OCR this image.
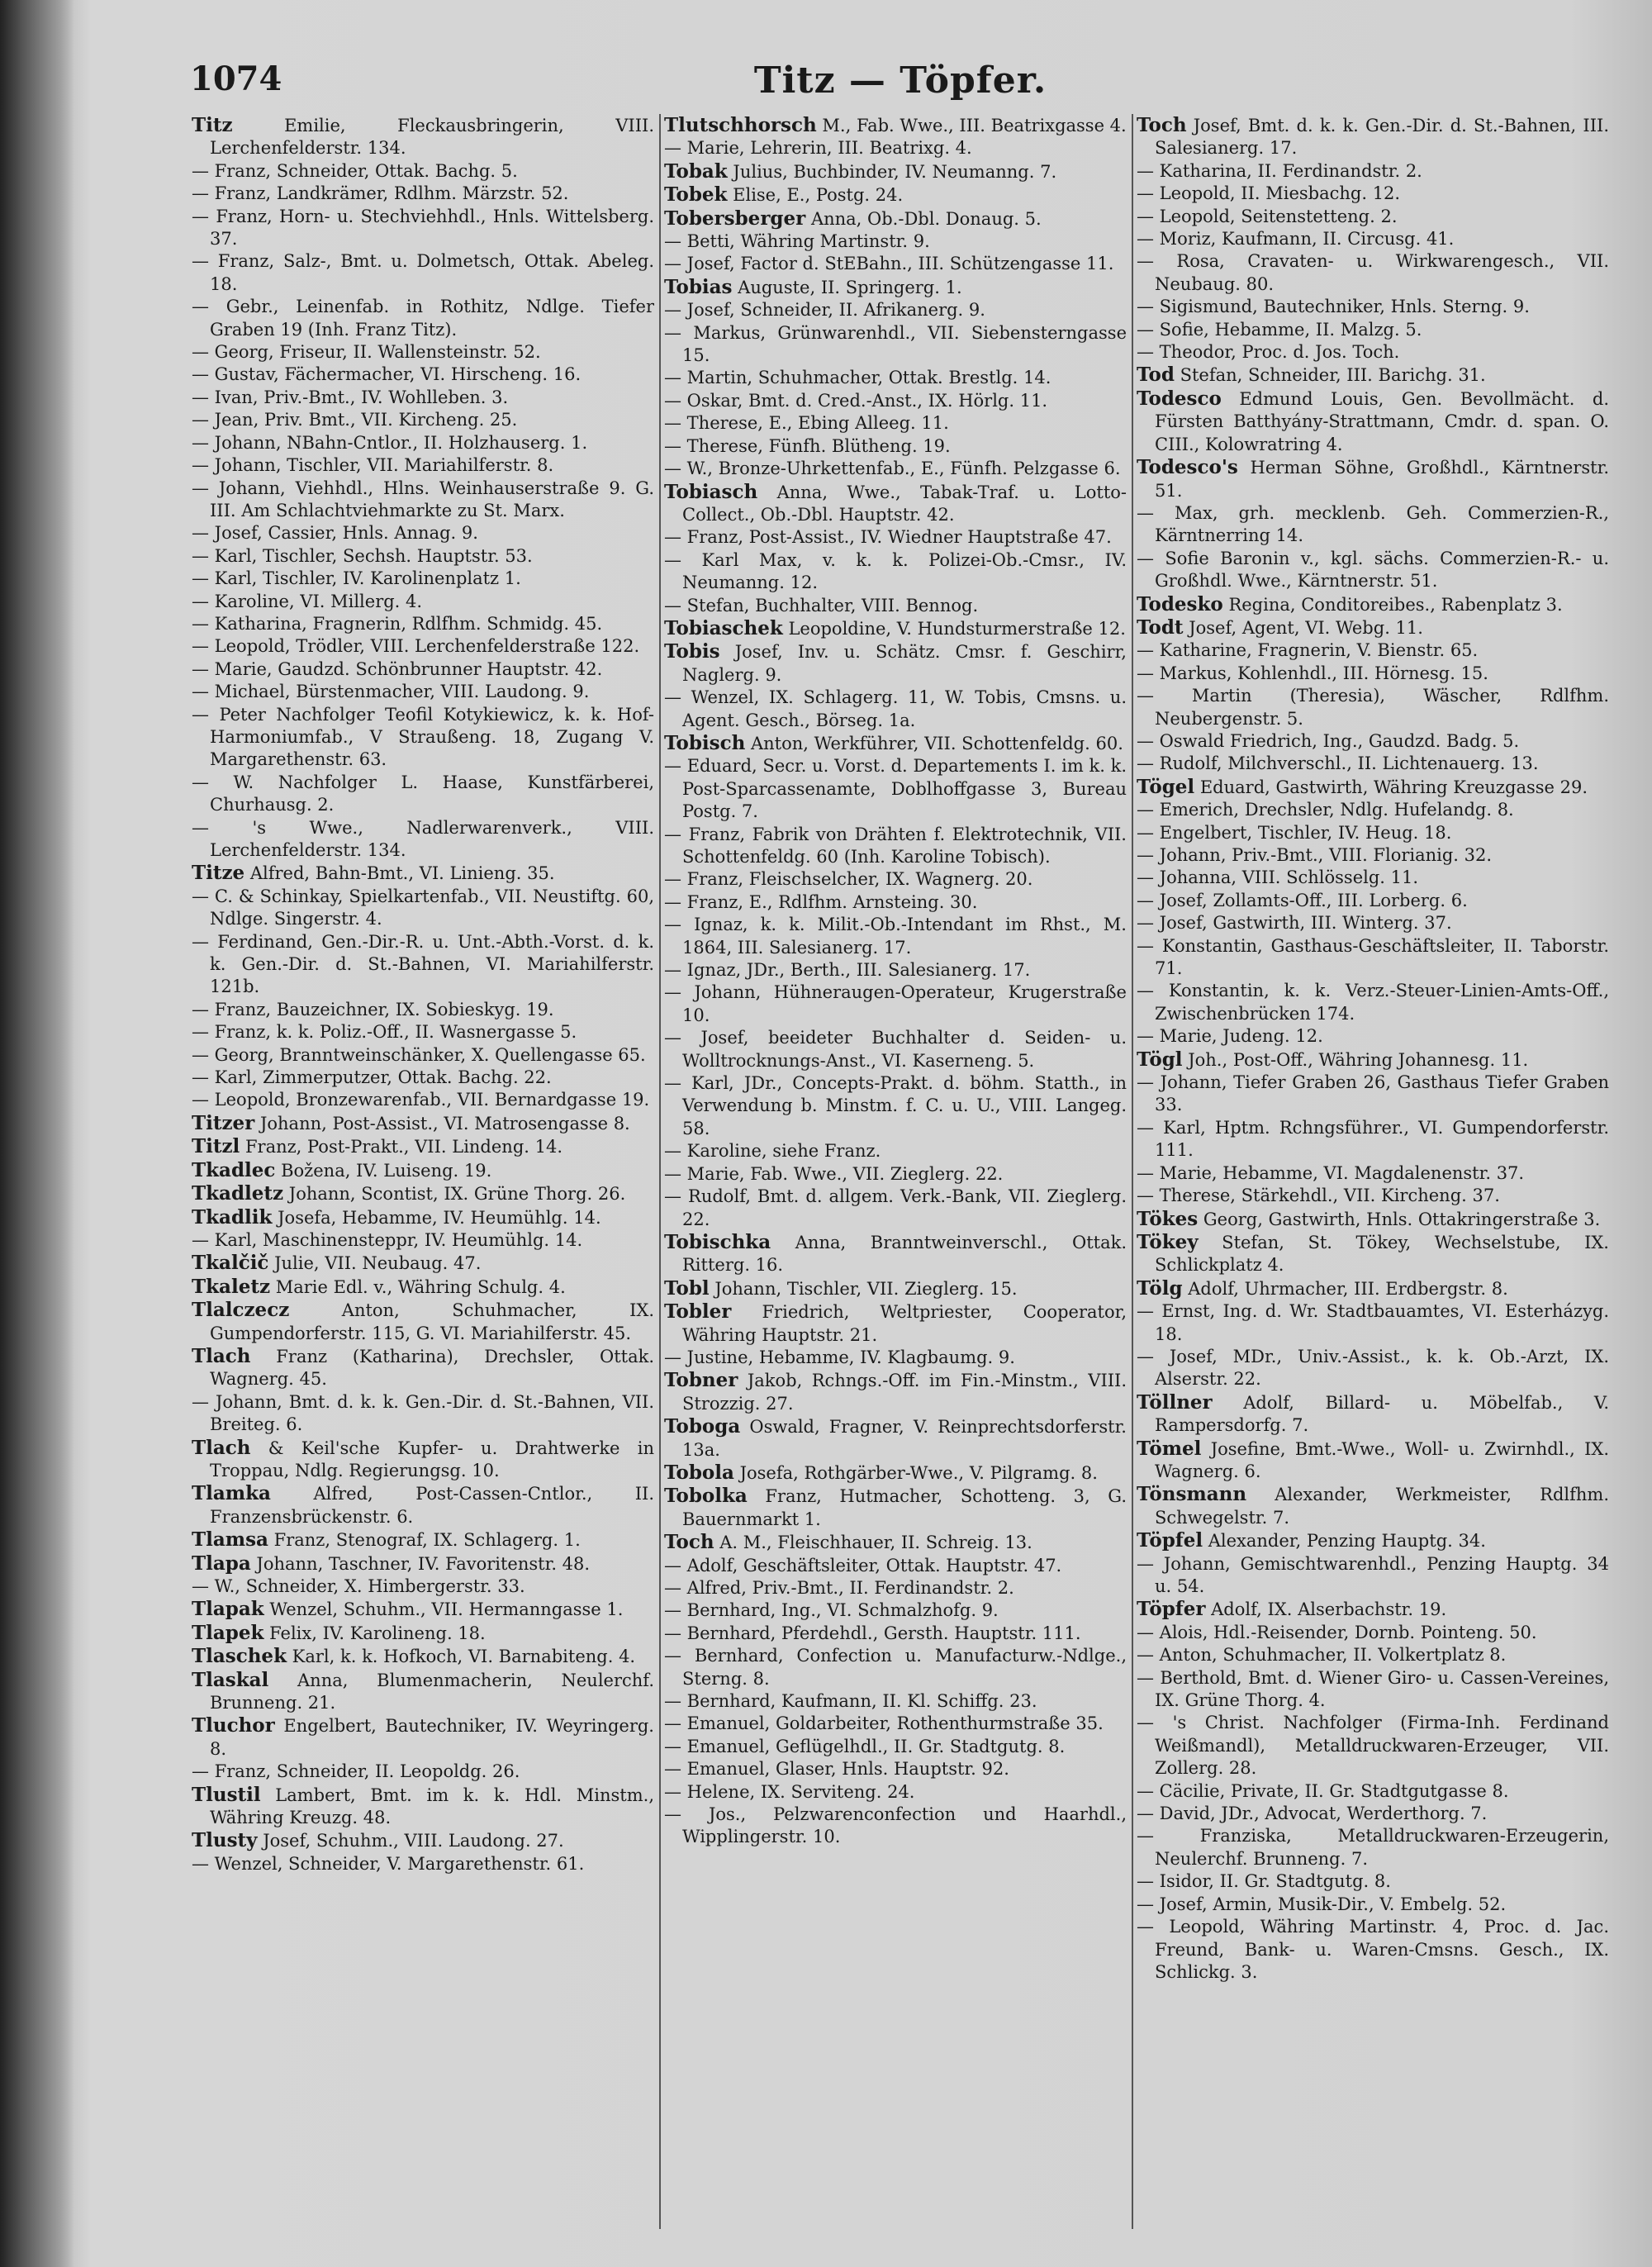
1074	Titz — Töpfer.

Titz Emilie, Fleckausbringerin, VIII. Lerchenfelderstr. 134.

— Franz, Schneider, Ottak. Bachg. 5.

— Franz, Landkrämer, Rdlhm. Märzstr. 52.

— Franz, Horn- u. Stechviehhdl., Hnls. Wittelsberg. 37.

— Franz, Salz-, Bmt. u. Dolmetsch, Ottak. Abeleg. 18.

— Gebr., Leinenfab. in Rothitz, Ndlge. Tiefer Graben 19 (Inh. Franz Titz).

— Georg, Friseur, II. Wallensteinstr. 52.

— Gustav, Fächermacher, VI. Hirscheng. 16.

— Ivan, Priv.-Bmt., IV. Wohlleben. 3.

— Jean, Priv. Bmt., VII. Kircheng. 25.

— Johann, NBahn-Cntlor., II. Holzhauserg. 1.

— Johann, Tischler, VII. Mariahilferstr. 8.

— Johann, Viehhdl., Hlns. Weinhauserstraße 9. G. III. Am Schlachtviehmarkte zu St. Marx.

— Josef, Cassier, Hnls. Annag. 9.

— Karl, Tischler, Sechsh. Hauptstr. 53.

— Karl, Tischler, IV. Karolinenplatz 1.

— Karoline, VI. Millerg. 4.

— Katharina, Fragnerin, Rdlfhm. Schmidg. 45.

— Leopold, Trödler, VIII. Lerchenfelderstraße 122.

— Marie, Gaudzd. Schönbrunner Hauptstr. 42.

— Michael, Bürstenmacher, VIII. Laudong. 9.

— Peter Nachfolger Teofil Kotykiewicz, k. k. Hof-Harmoniumfab., V Straußeng. 18, Zugang V. Margarethenstr. 63.

— W. Nachfolger L. Haase, Kunstfärberei, Churhausg. 2.

— 's Wwe., Nadlerwarenverk., VIII. Lerchenfelderstr. 134.

Titze Alfred, Bahn-Bmt., VI. Linieng. 35.

— C. & Schinkay, Spielkartenfab., VII. Neustiftg. 60, Ndlge. Singerstr. 4.

— Ferdinand, Gen.-Dir.-R. u. Unt.-Abth.-Vorst. d. k. k. Gen.-Dir. d. St.-Bahnen, VI. Mariahilferstr. 121b.

— Franz, Bauzeichner, IX. Sobieskyg. 19.

— Franz, k. k. Poliz.-Off., II. Wasnergasse 5.

— Georg, Branntweinschänker, X. Quellengasse 65.

— Karl, Zimmerputzer, Ottak. Bachg. 22.

— Leopold, Bronzewarenfab., VII. Bernardgasse 19.

Titzer Johann, Post-Assist., VI. Matrosengasse 8.

Titzl Franz, Post-Prakt., VII. Lindeng. 14.

Tkadlec Božena, IV. Luiseng. 19.

Tkadletz Johann, Scontist, IX. Grüne Thorg. 26.

Tkadlik Josefa, Hebamme, IV. Heumühlg. 14.

— Karl, Maschinensteppr, IV. Heumühlg. 14.

Tkalčič Julie, VII. Neubaug. 47.

Tkaletz Marie Edl. v., Währing Schulg. 4.

Tlalczecz Anton, Schuhmacher, IX. Gumpendorferstr. 115, G. VI. Mariahilferstr. 45.

Tlach Franz (Katharina), Drechsler, Ottak. Wagnerg. 45.

— Johann, Bmt. d. k. k. Gen.-Dir. d. St.-Bahnen, VII. Breiteg. 6.

Tlach & Keil'sche Kupfer- u. Drahtwerke in Troppau, Ndlg. Regierungsg. 10.

Tlamka Alfred, Post-Cassen-Cntlor., II. Franzensbrückenstr. 6.

Tlamsa Franz, Stenograf, IX. Schlagerg. 1.

Tlapa Johann, Taschner, IV. Favoritenstr. 48.

— W., Schneider, X. Himbergerstr. 33.

Tlapak Wenzel, Schuhm., VII. Hermanngasse 1.

Tlapek Felix, IV. Karolineng. 18.

Tlaschek Karl, k. k. Hofkoch, VI. Barnabiteng. 4.

Tlaskal Anna, Blumenmacherin, Neulerchf. Brunneng. 21.

Tluchor Engelbert, Bautechniker, IV. Weyringerg. 8.

— Franz, Schneider, II. Leopoldg. 26.

Tlustil Lambert, Bmt. im k. k. Hdl. Minstm., Währing Kreuzg. 48.

Tlusty Josef, Schuhm., VIII. Laudong. 27.

— Wenzel, Schneider, V. Margarethenstr. 61.

Tlutschhorsch M., Fab. Wwe., III. Beatrixgasse 4.

— Marie, Lehrerin, III. Beatrixg. 4.

Tobak Julius, Buchbinder, IV. Neumanng. 7.

Tobek Elise, E., Postg. 24.

Tobersberger Anna, Ob.-Dbl. Donaug. 5.

— Betti, Währing Martinstr. 9.

— Josef, Factor d. StEBahn., III. Schützengasse 11.

Tobias Auguste, II. Springerg. 1.

— Josef, Schneider, II. Afrikanerg. 9.

— Markus, Grünwarenhdl., VII. Siebensterngasse 15.

— Martin, Schuhmacher, Ottak. Brestlg. 14.

— Oskar, Bmt. d. Cred.-Anst., IX. Hörlg. 11.

— Therese, E., Ebing Alleeg. 11.

— Therese, Fünfh. Blütheng. 19.

— W., Bronze-Uhrkettenfab., E., Fünfh. Pelzgasse 6.

Tobiasch Anna, Wwe., Tabak-Traf. u. Lotto-Collect., Ob.-Dbl. Hauptstr. 42.

— Franz, Post-Assist., IV. Wiedner Hauptstraße 47.

— Karl Max, v. k. k. Polizei-Ob.-Cmsr., IV. Neumanng. 12.

— Stefan, Buchhalter, VIII. Bennog.

Tobiaschek Leopoldine, V. Hundsturmerstraße 12.

Tobis Josef, Inv. u. Schätz. Cmsr. f. Geschirr, Naglerg. 9.

— Wenzel, IX. Schlagerg. 11, W. Tobis, Cmsns. u. Agent. Gesch., Börseg. 1a.

Tobisch Anton, Werkführer, VII. Schottenfeldg. 60.

— Eduard, Secr. u. Vorst. d. Departements I. im k. k. Post-Sparcassenamte, Doblhoffgasse 3, Bureau Postg. 7.

— Franz, Fabrik von Drähten f. Elektrotechnik, VII. Schottenfeldg. 60 (Inh. Karoline Tobisch).

— Franz, Fleischselcher, IX. Wagnerg. 20.

— Franz, E., Rdlfhm. Arnsteing. 30.

— Ignaz, k. k. Milit.-Ob.-Intendant im Rhst., M. 1864, III. Salesianerg. 17.

— Ignaz, JDr., Berth., III. Salesianerg. 17.

— Johann, Hühneraugen-Operateur, Krugerstraße 10.

— Josef, beeideter Buchhalter d. Seiden- u. Wolltrocknungs-Anst., VI. Kaserneng. 5.

— Karl, JDr., Concepts-Prakt. d. böhm. Statth., in Verwendung b. Minstm. f. C. u. U., VIII. Langeg. 58.

— Karoline, siehe Franz.

— Marie, Fab. Wwe., VII. Zieglerg. 22.

— Rudolf, Bmt. d. allgem. Verk.-Bank, VII. Zieglerg. 22.

Tobischka Anna, Branntweinverschl., Ottak. Ritterg. 16.

Tobl Johann, Tischler, VII. Zieglerg. 15.

Tobler Friedrich, Weltpriester, Cooperator, Währing Hauptstr. 21.

— Justine, Hebamme, IV. Klagbaumg. 9.

Tobner Jakob, Rchngs.-Off. im Fin.-Minstm., VIII. Strozzig. 27.

Toboga Oswald, Fragner, V. Reinprechtsdorferstr. 13a.

Tobola Josefa, Rothgärber-Wwe., V. Pilgramg. 8.

Tobolka Franz, Hutmacher, Schotteng. 3, G. Bauernmarkt 1.

Toch A. M., Fleischhauer, II. Schreig. 13.

— Adolf, Geschäftsleiter, Ottak. Hauptstr. 47.

— Alfred, Priv.-Bmt., II. Ferdinandstr. 2.

— Bernhard, Ing., VI. Schmalzhofg. 9.

— Bernhard, Pferdehdl., Gersth. Hauptstr. 111.

— Bernhard, Confection u. Manufacturw.-Ndlge., Sterng. 8.

— Bernhard, Kaufmann, II. Kl. Schiffg. 23.

— Emanuel, Goldarbeiter, Rothenthurmstraße 35.

— Emanuel, Geflügelhdl., II. Gr. Stadtgutg. 8.

— Emanuel, Glaser, Hnls. Hauptstr. 92.

— Helene, IX. Serviteng. 24.

— Jos., Pelzwarenconfection und Haarhdl., Wipplingerstr. 10.

Toch Josef, Bmt. d. k. k. Gen.-Dir. d. St.-Bahnen, III. Salesianerg. 17.

— Katharina, II. Ferdinandstr. 2.

— Leopold, II. Miesbachg. 12.

— Leopold, Seitenstetteng. 2.

— Moriz, Kaufmann, II. Circusg. 41.

— Rosa, Cravaten- u. Wirkwarengesch., VII. Neubaug. 80.

— Sigismund, Bautechniker, Hnls. Sterng. 9.

— Sofie, Hebamme, II. Malzg. 5.

— Theodor, Proc. d. Jos. Toch.

Tod Stefan, Schneider, III. Barichg. 31.

Todesco Edmund Louis, Gen. Bevollmächt. d. Fürsten Batthyány-Strattmann, Cmdr. d. span. O. CIII., Kolowratring 4.

Todesco's Herman Söhne, Großhdl., Kärntnerstr. 51.

— Max, grh. mecklenb. Geh. Commerzien-R., Kärntnerring 14.

— Sofie Baronin v., kgl. sächs. Commerzien-R.- u. Großhdl. Wwe., Kärntnerstr. 51.

Todesko Regina, Conditoreibes., Rabenplatz 3.

Todt Josef, Agent, VI. Webg. 11.

— Katharine, Fragnerin, V. Bienstr. 65.

— Markus, Kohlenhdl., III. Hörnesg. 15.

— Martin (Theresia), Wäscher, Rdlfhm. Neubergenstr. 5.

— Oswald Friedrich, Ing., Gaudzd. Badg. 5.

— Rudolf, Milchverschl., II. Lichtenauerg. 13.

Tögel Eduard, Gastwirth, Währing Kreuzgasse 29.

— Emerich, Drechsler, Ndlg. Hufelandg. 8.

— Engelbert, Tischler, IV. Heug. 18.

— Johann, Priv.-Bmt., VIII. Florianig. 32.

— Johanna, VIII. Schlösselg. 11.

— Josef, Zollamts-Off., III. Lorberg. 6.

— Josef, Gastwirth, III. Winterg. 37.

— Konstantin, Gasthaus-Geschäftsleiter, II. Taborstr. 71.

— Konstantin, k. k. Verz.-Steuer-Linien-Amts-Off., Zwischenbrücken 174.

— Marie, Judeng. 12.

Tögl Joh., Post-Off., Währing Johannesg. 11.

— Johann, Tiefer Graben 26, Gasthaus Tiefer Graben 33.

— Karl, Hptm. Rchngsführer., VI. Gumpendorferstr. 111.

— Marie, Hebamme, VI. Magdalenenstr. 37.

— Therese, Stärkehdl., VII. Kircheng. 37.

Tökes Georg, Gastwirth, Hnls. Ottakringerstraße 3.

Tökey Stefan, St. Tökey, Wechselstube, IX. Schlickplatz 4.

Tölg Adolf, Uhrmacher, III. Erdbergstr. 8.

— Ernst, Ing. d. Wr. Stadtbauamtes, VI. Esterházyg. 18.

— Josef, MDr., Univ.-Assist., k. k. Ob.-Arzt, IX. Alserstr. 22.

Töllner Adolf, Billard- u. Möbelfab., V. Rampersdorfg. 7.

Tömel Josefine, Bmt.-Wwe., Woll- u. Zwirnhdl., IX. Wagnerg. 6.

Tönsmann Alexander, Werkmeister, Rdlfhm. Schwegelstr. 7.

Töpfel Alexander, Penzing Hauptg. 34.

— Johann, Gemischtwarenhdl., Penzing Hauptg. 34 u. 54.

Töpfer Adolf, IX. Alserbachstr. 19.

— Alois, Hdl.-Reisender, Dornb. Pointeng. 50.

— Anton, Schuhmacher, II. Volkertplatz 8.

— Berthold, Bmt. d. Wiener Giro- u. Cassen-Vereines, IX. Grüne Thorg. 4.

— 's Christ. Nachfolger (Firma-Inh. Ferdinand Weißmandl), Metalldruckwaren-Erzeuger, VII. Zollerg. 28.

— Cäcilie, Private, II. Gr. Stadtgutgasse 8.

— David, JDr., Advocat, Werderthorg. 7.

— Franziska, Metalldruckwaren-Erzeugerin, Neulerchf. Brunneng. 7.

— Isidor, II. Gr. Stadtgutg. 8.

— Josef, Armin, Musik-Dir., V. Embelg. 52.

— Leopold, Währing Martinstr. 4, Proc. d. Jac. Freund, Bank- u. Waren-Cmsns. Gesch., IX. Schlickg. 3.
